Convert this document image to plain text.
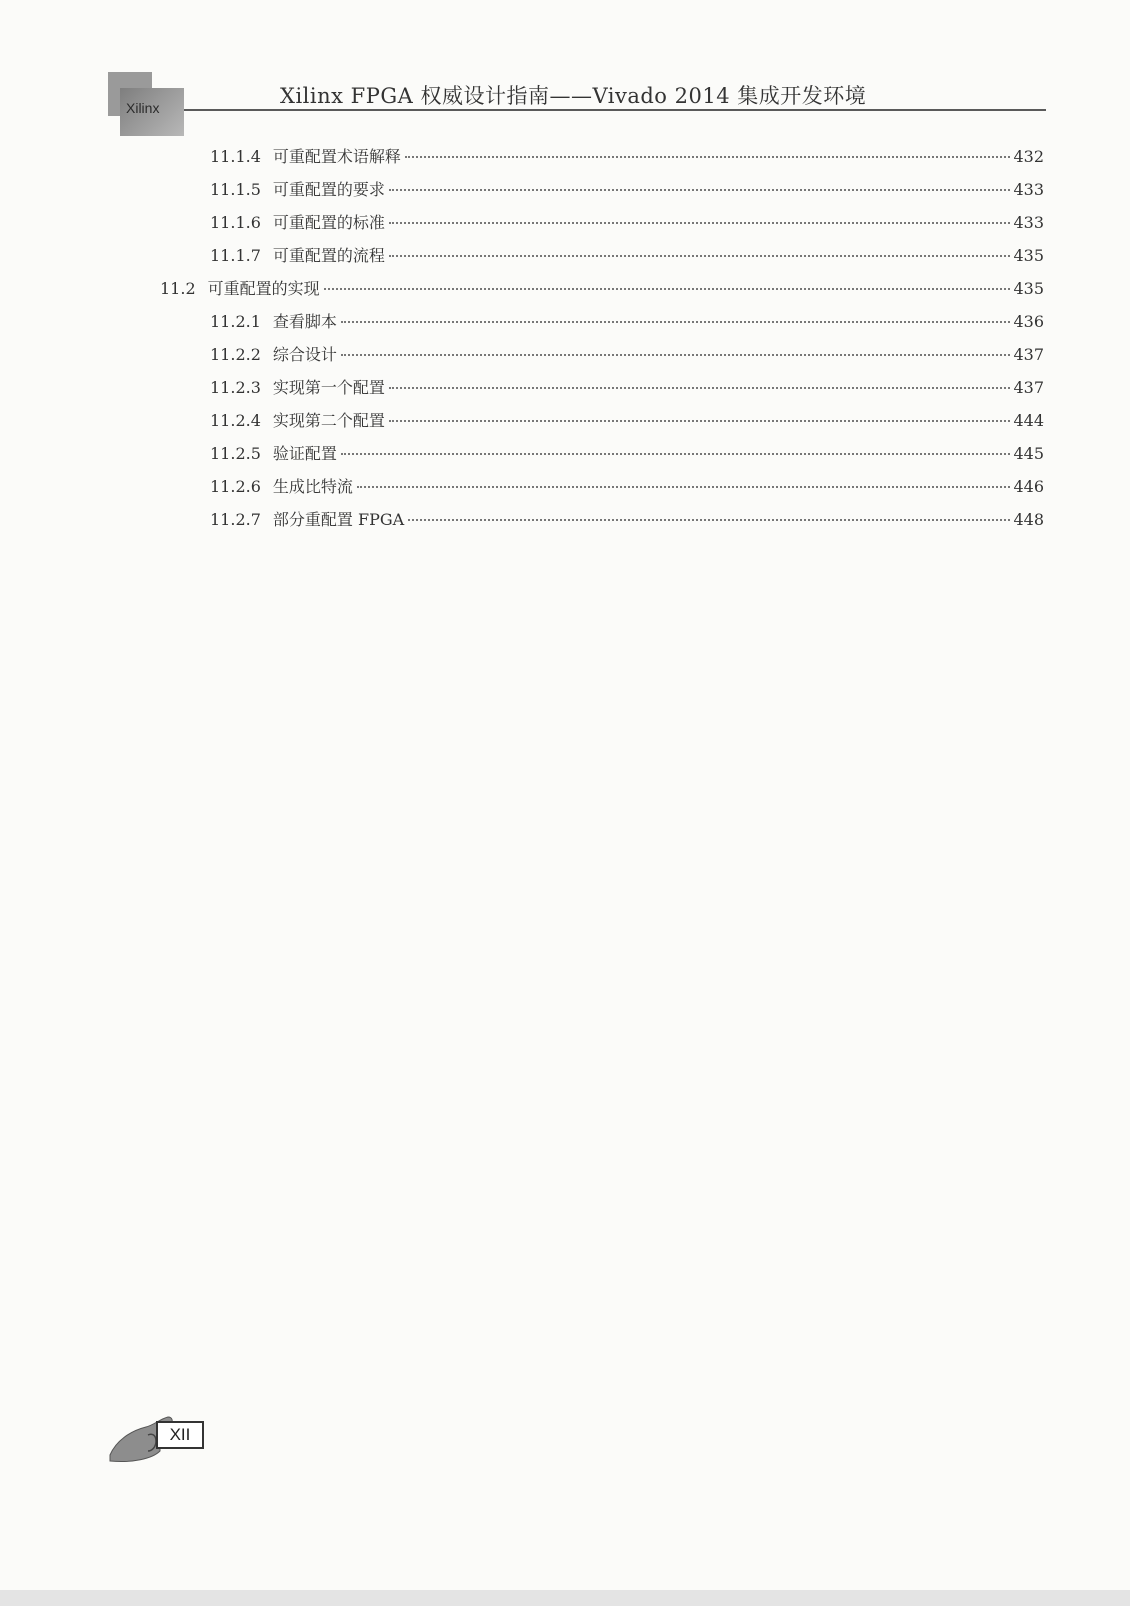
Xilinx	Xilinx FPGA 权威设计指南——Vivado 2014 集成开发环境
11.1.4 可重配置术语解释	432
11.1.5 可重配置的要求	433
11.1.6 可重配置的标准	433
11.1.7 可重配置的流程	435
11.2 可重配置的实现	435
11.2.1 查看脚本	436
11.2.2 综合设计	437
11.2.3 实现第一个配置	437
11.2.4 实现第二个配置	444
11.2.5 验证配置	445
11.2.6 生成比特流	446
11.2.7 部分重配置 FPGA	448
XII
